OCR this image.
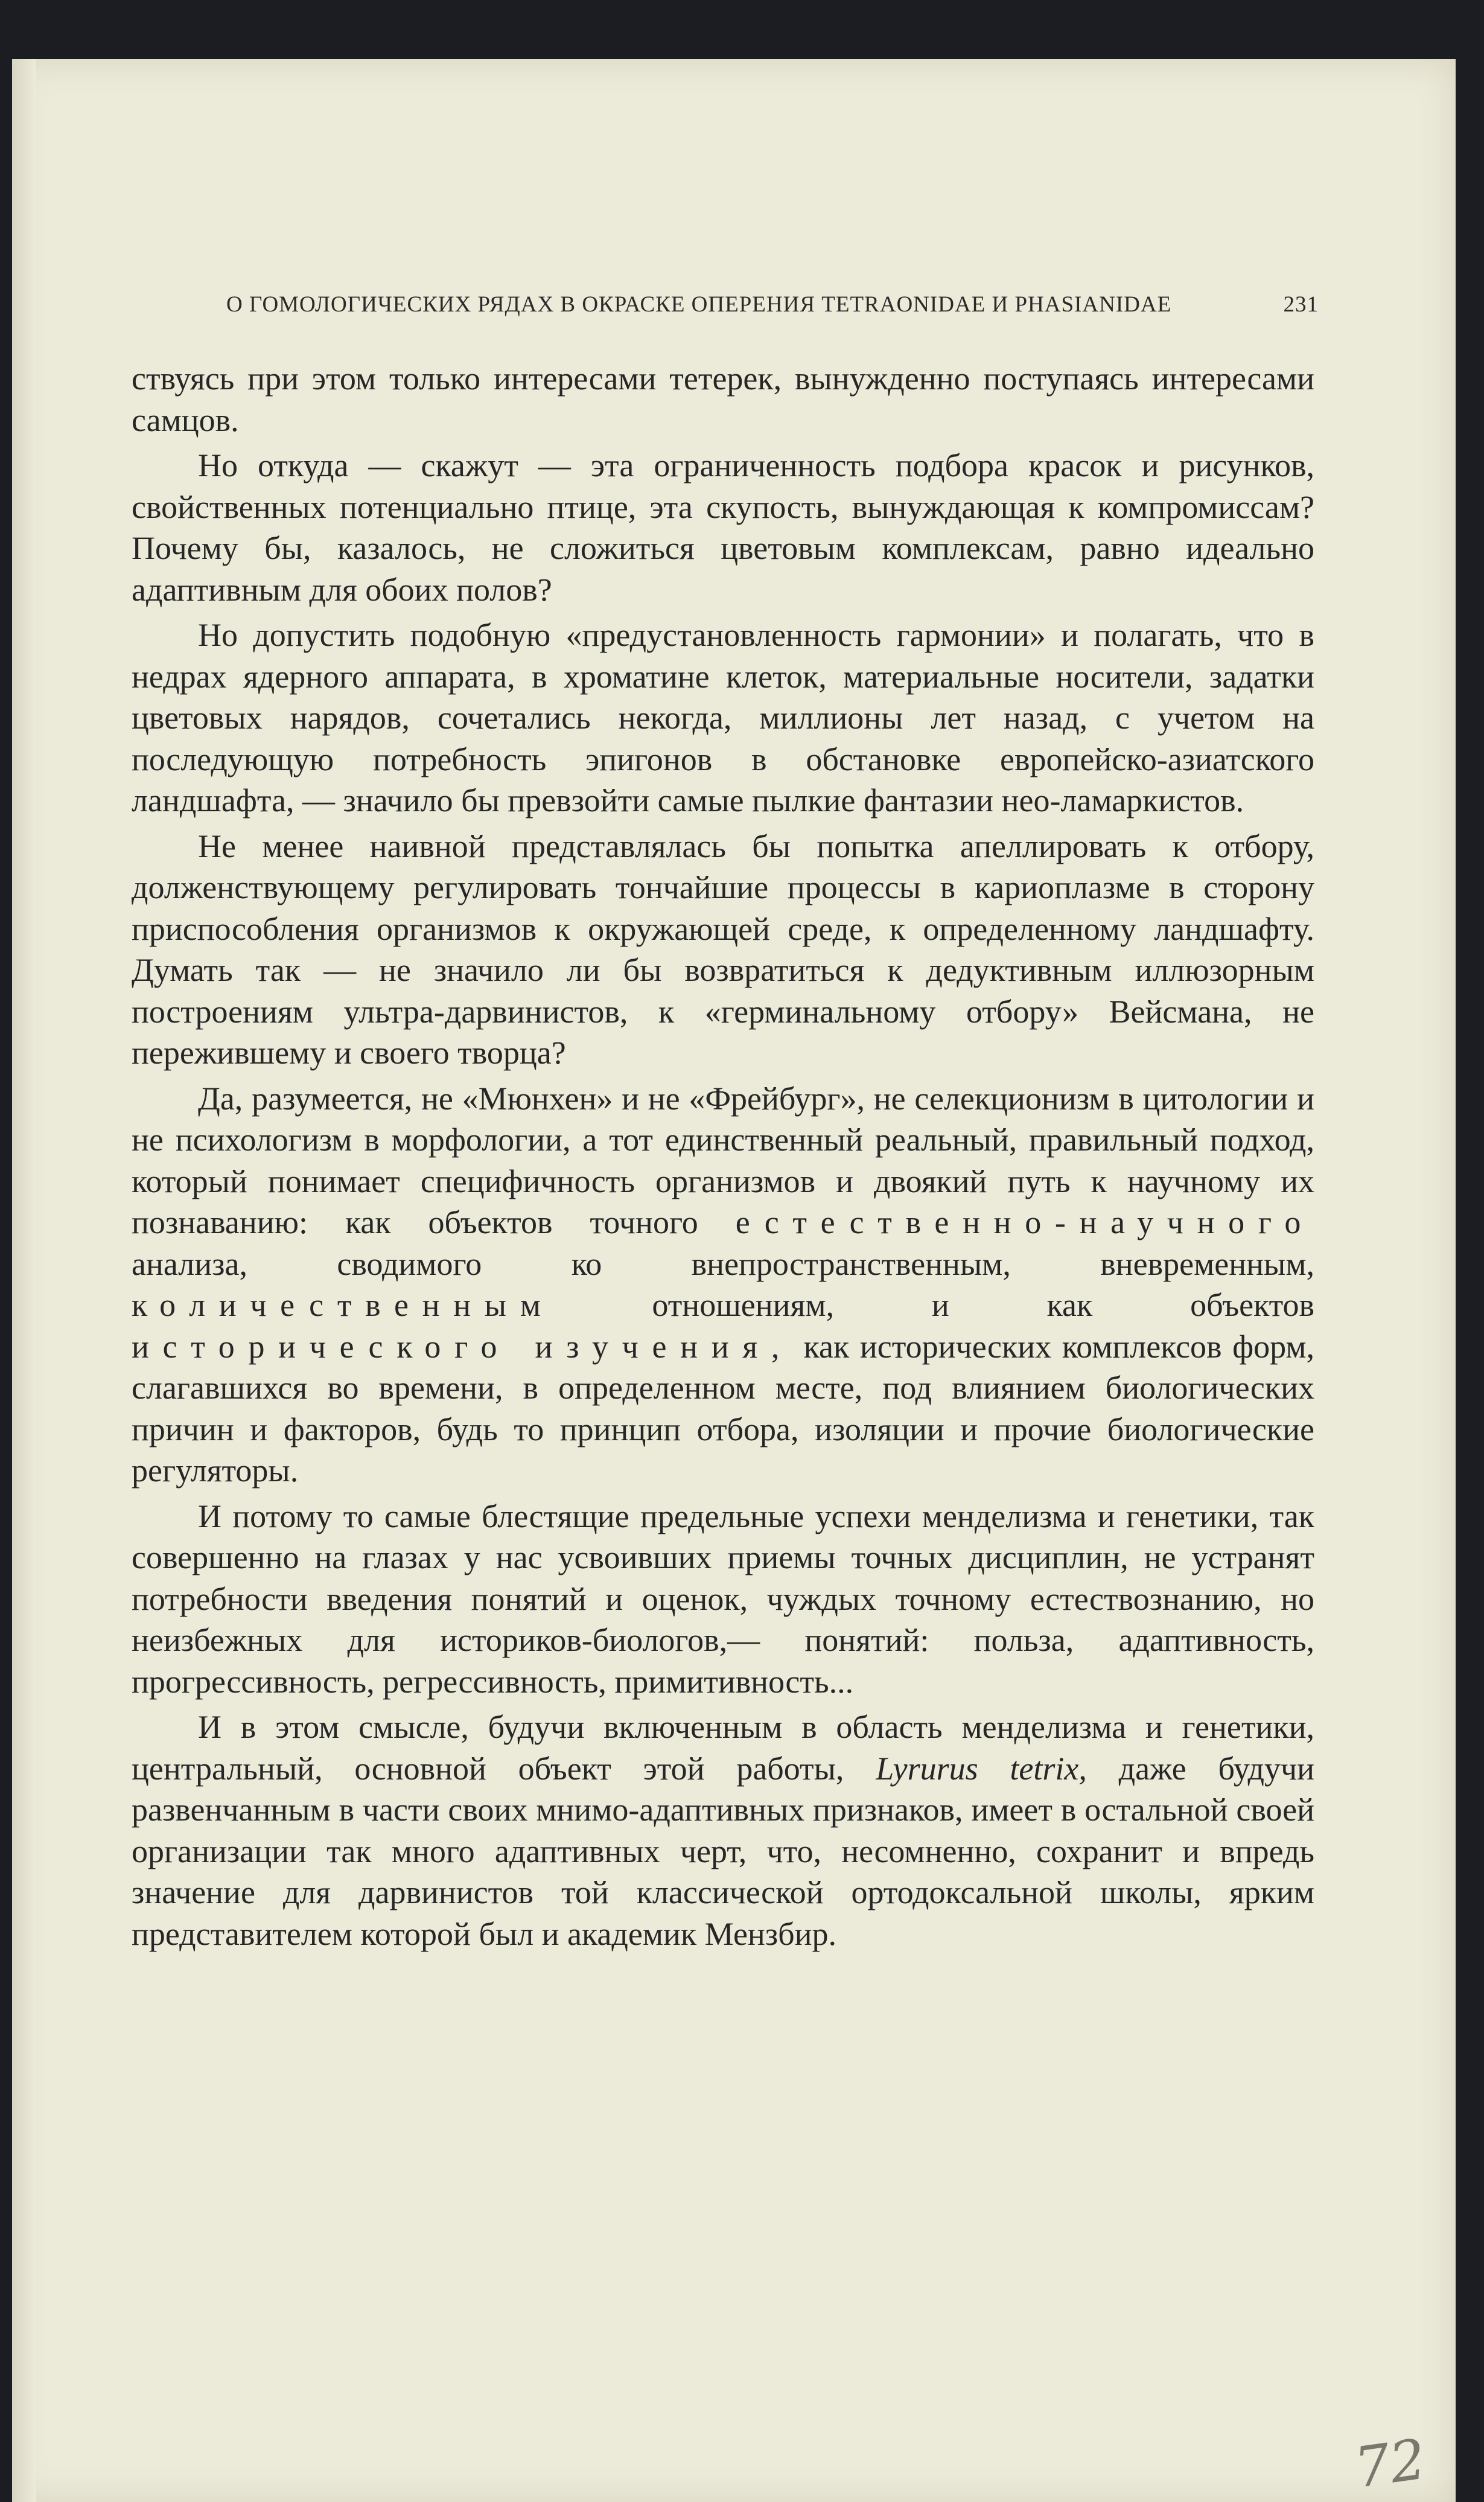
О ГОМОЛОГИЧЕСКИХ РЯДАХ В ОКРАСКЕ ОПЕРЕНИЯ TETRAONIDAE И PHASIANIDAE	231

ствуясь при этом только интересами тетерек, вынужденно поступаясь интересами самцов.

Но откуда — скажут — эта ограниченность подбора красок и рисунков, свойственных потенциально птице, эта скупость, вынуждающая к компромиссам? Почему бы, казалось, не сложиться цветовым комплексам, равно идеально адаптивным для обоих полов?

Но допустить подобную «предустановленность гармонии» и полагать, что в недрах ядерного аппарата, в хроматине клеток, материальные носители, задатки цветовых нарядов, сочетались некогда, миллионы лет назад, с учетом на последующую потребность эпигонов в обстановке европейско-азиатского ландшафта, — значило бы превзойти самые пылкие фантазии нео-ламаркистов.

Не менее наивной представлялась бы попытка апеллировать к отбору, долженствующему регулировать тончайшие процессы в кариоплазме в сторону приспособления организмов к окружающей среде, к определенному ландшафту. Думать так — не значило ли бы возвратиться к дедуктивным иллюзорным построениям ультра-дарвинистов, к «герминальному отбору» Вейсмана, не пережившему и своего творца?

Да, разумеется, не «Мюнхен» и не «Фрейбург», не селекционизм в цитологии и не психологизм в морфологии, а тот единственный реальный, правильный подход, который понимает специфичность организмов и двоякий путь к научному их познаванию: как объектов точного естественно-научного анализа, сводимого ко внепространственным, вневременным, количественным	отношениям, и как объектов исторического изучения, как исторических комплексов форм, слагавшихся во времени, в определенном месте, под влиянием биологических причин и факторов, будь то принцип отбора, изоляции и прочие биологические регуляторы.

И потому то самые блестящие предельные успехи менделизма и генетики, так совершенно на глазах у нас усвоивших приемы точных дисциплин, не устранят потребности введения понятий и оценок, чуждых точному естествознанию, но неизбежных для историков-биологов,— понятий: польза, адаптивность, прогрессивность, регрессивность, примитивность...

И в этом смысле, будучи включенным в область менделизма и генетики, центральный, основной объект этой работы, Lyrurus tetrix, даже будучи развенчанным в части своих мнимо-адаптивных признаков, имеет в остальной своей организации так много адаптивных черт, что, несомненно, сохранит и впредь значение для дарвинистов той классической ортодоксальной школы, ярким представителем которой был и академик Мензбир.

72
